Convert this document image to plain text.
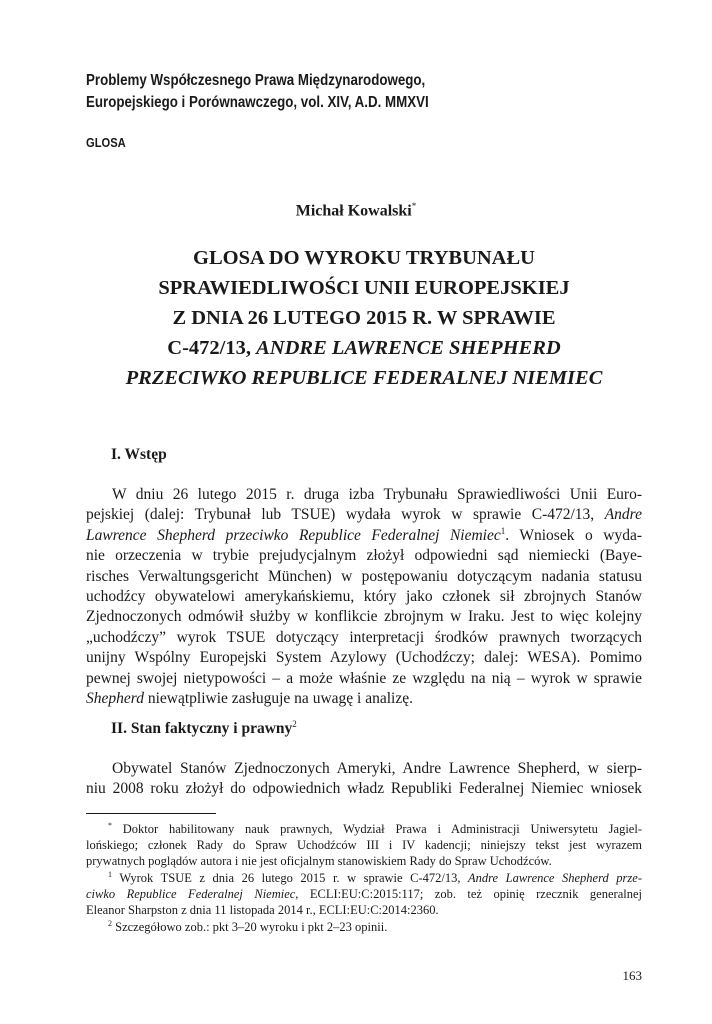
Problemy Współczesnego Prawa Międzynarodowego,
Europejskiego i Porównawczego, vol. XIV, A.D. MMXVI
GLOSA
Michał Kowalski*
GLOSA DO WYROKU TRYBUNAŁU
SPRAWIEDLIWOŚCI UNII EUROPEJSKIEJ
Z DNIA 26 LUTEGO 2015 R. W SPRAWIE
C-472/13, ANDRE LAWRENCE SHEPHERD
PRZECIWKO REPUBLICE FEDERALNEJ NIEMIEC
I. Wstęp
W dniu 26 lutego 2015 r. druga izba Trybunału Sprawiedliwości Unii Euro-
pejskiej (dalej: Trybunał lub TSUE) wydała wyrok w sprawie C-472/13, Andre
Lawrence Shepherd przeciwko Republice Federalnej Niemiec$^1$. Wniosek o wyda-
nie orzeczenia w trybie prejudycjalnym złożył odpowiedni sąd niemiecki (Baye-
risches Verwaltungsgericht München) w postępowaniu dotyczącym nadania statusu
uchodźcy obywatelowi amerykańskiemu, który jako członek sił zbrojnych Stanów
Zjednoczonych odmówił służby w konflikcie zbrojnym w Iraku. Jest to więc kolejny
„uchodźczy” wyrok TSUE dotyczący interpretacji środków prawnych tworzących
unijny Wspólny Europejski System Azylowy (Uchodźczy; dalej: WESA). Pomimo
pewnej swojej nietypowości – a może właśnie ze względu na nią – wyrok w sprawie
Shepherd niewątpliwie zasługuje na uwagę i analizę.
II. Stan faktyczny i prawny$^2$
Obywatel Stanów Zjednoczonych Ameryki, Andre Lawrence Shepherd, w sierp-
niu 2008 roku złożył do odpowiednich władz Republiki Federalnej Niemiec wniosek
* Doktor habilitowany nauk prawnych, Wydział Prawa i Administracji Uniwersytetu Jagiel-
lońskiego; członek Rady do Spraw Uchodźców III i IV kadencji; niniejszy tekst jest wyrazem
prywatnych poglądów autora i nie jest oficjalnym stanowiskiem Rady do Spraw Uchodźców.
$^1$ Wyrok TSUE z dnia 26 lutego 2015 r. w sprawie C-472/13, Andre Lawrence Shepherd prze-
ciwko Republice Federalnej Niemiec, ECLI:EU:C:2015:117; zob. też opinię rzecznik generalnej
Eleanor Sharpston z dnia 11 listopada 2014 r., ECLI:EU:C:2014:2360.
$^2$ Szczegółowo zob.: pkt 3–20 wyroku i pkt 2–23 opinii.
163
